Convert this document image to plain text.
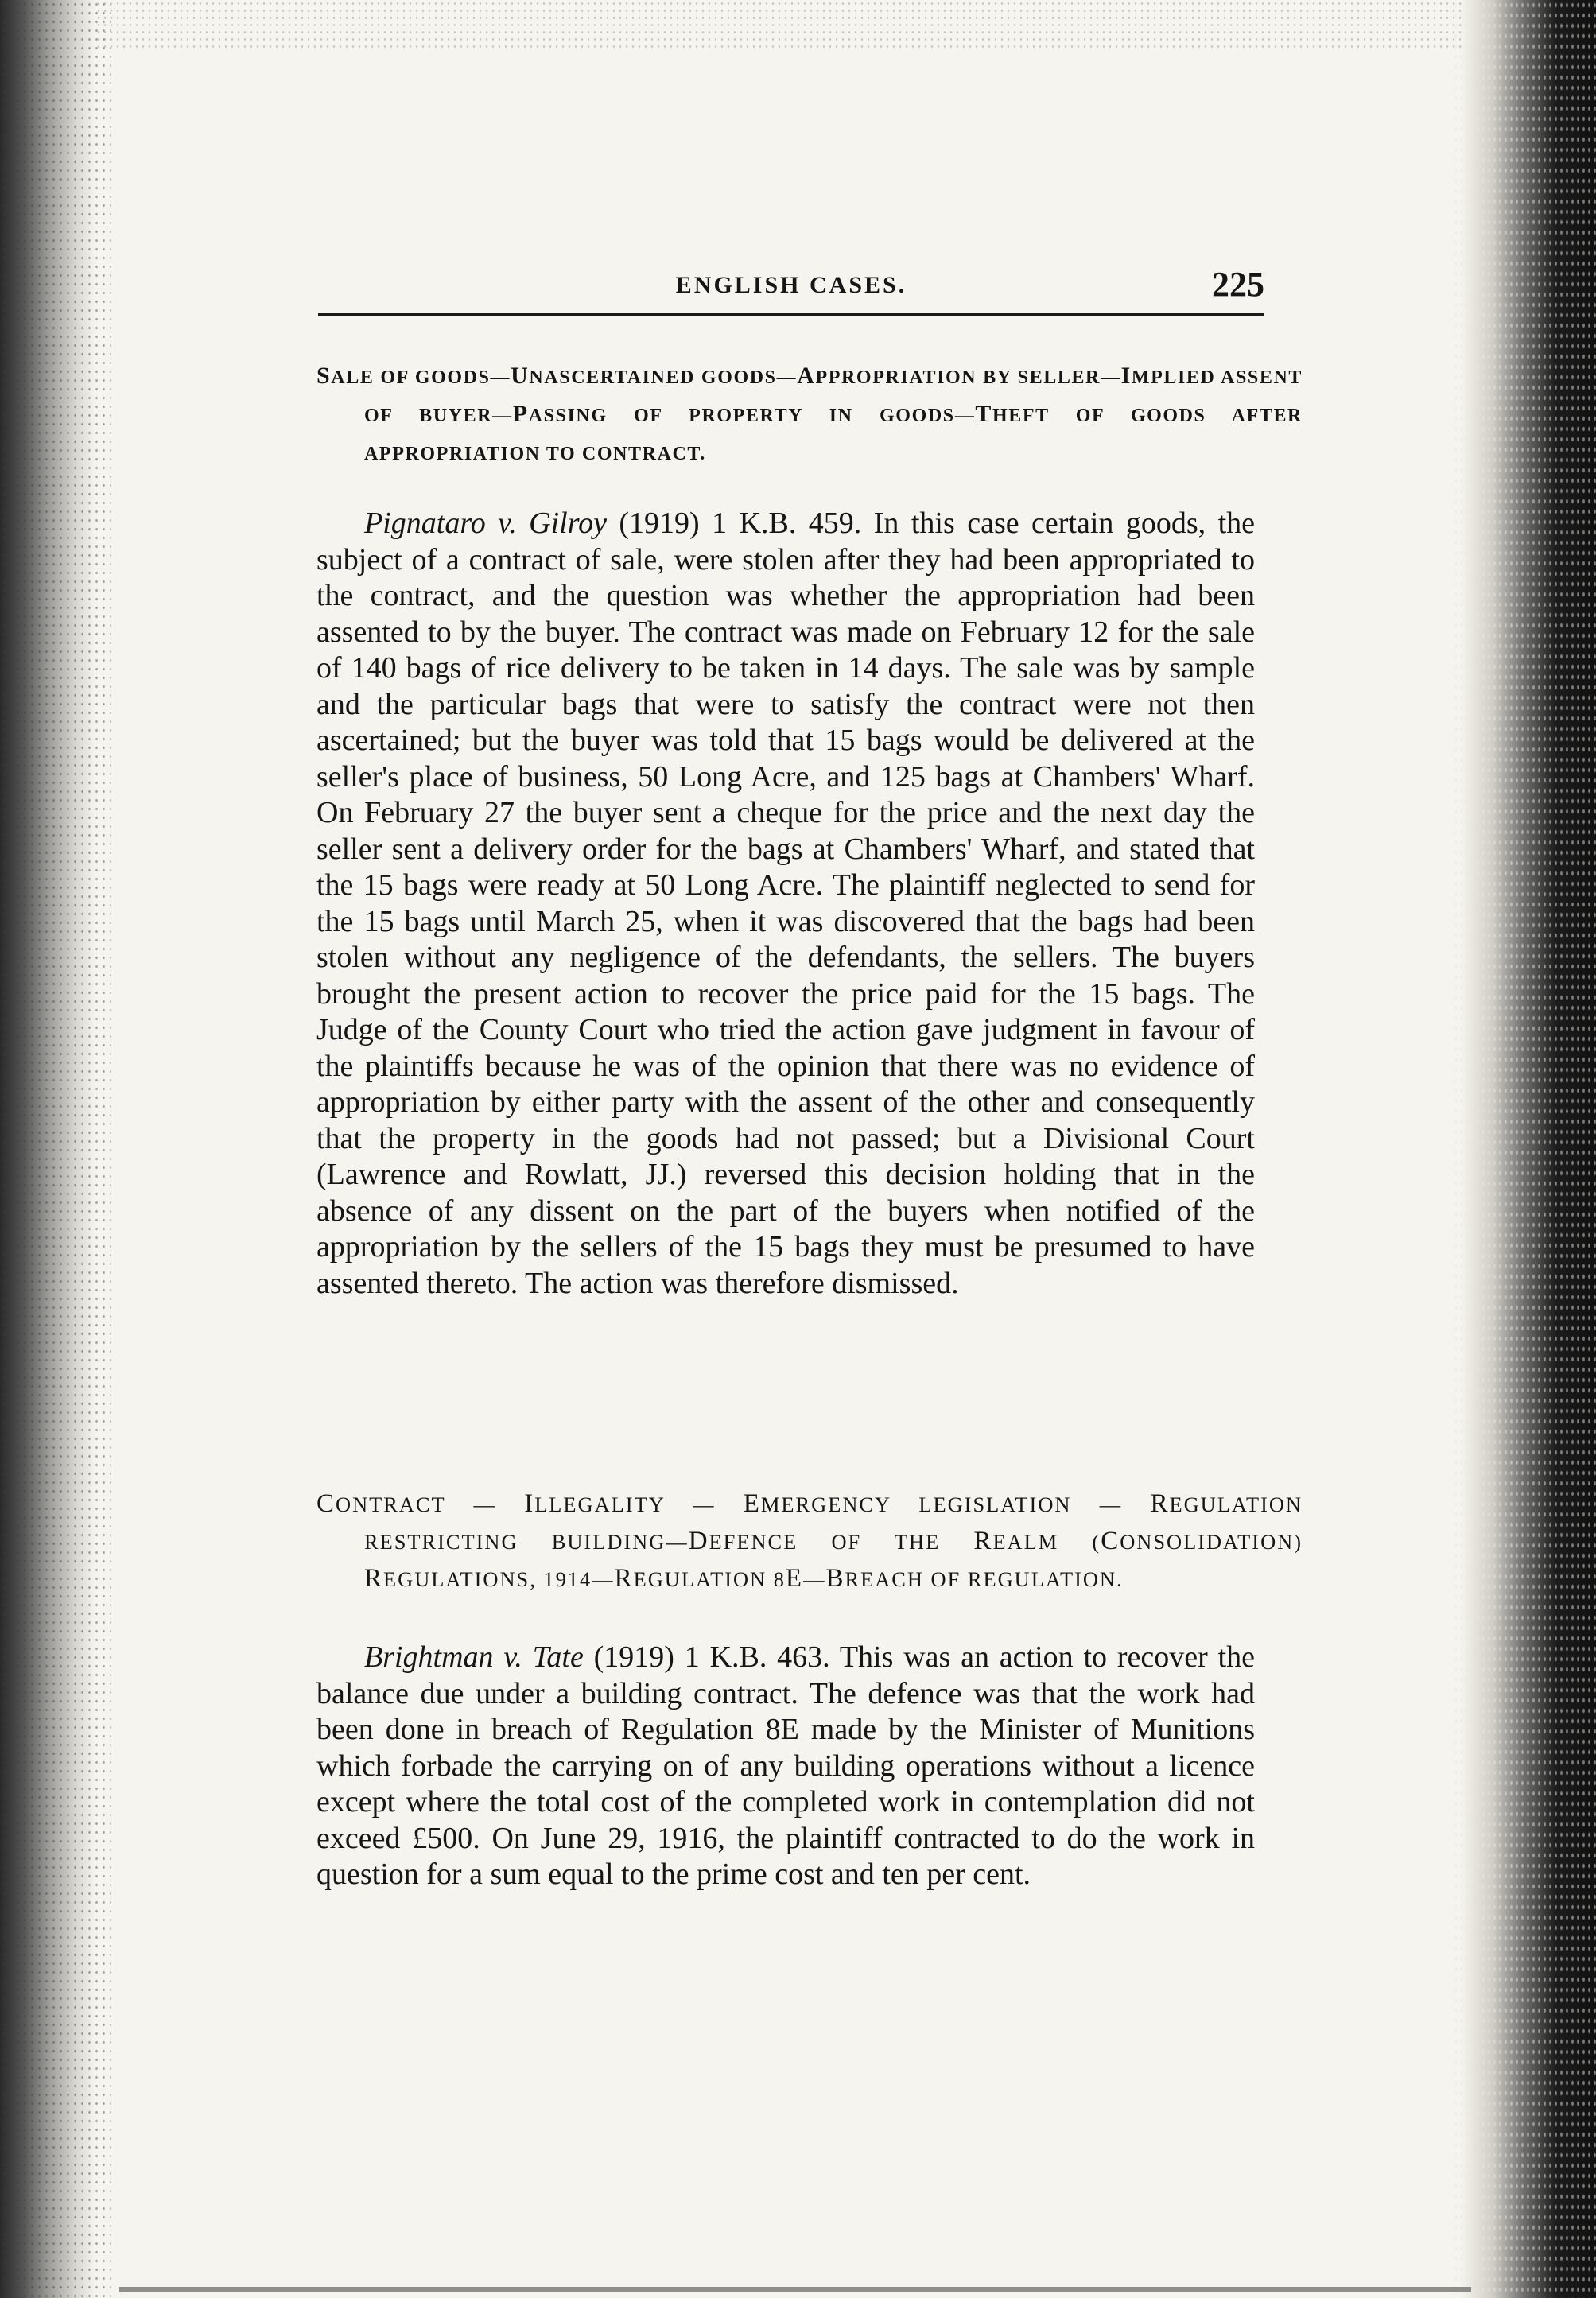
ENGLISH CASES.	225
SALE OF GOODS—UNASCERTAINED GOODS—APPROPRIATION BY SELLER—IMPLIED ASSENT OF BUYER—PASSING OF PROPERTY IN GOODS—THEFT OF GOODS AFTER APPROPRIATION TO CONTRACT.
Pignataro v. Gilroy (1919) 1 K.B. 459. In this case certain goods, the subject of a contract of sale, were stolen after they had been appropriated to the contract, and the question was whether the appropriation had been assented to by the buyer. The contract was made on February 12 for the sale of 140 bags of rice delivery to be taken in 14 days. The sale was by sample and the particular bags that were to satisfy the contract were not then ascertained; but the buyer was told that 15 bags would be delivered at the seller's place of business, 50 Long Acre, and 125 bags at Chambers' Wharf. On February 27 the buyer sent a cheque for the price and the next day the seller sent a delivery order for the bags at Chambers' Wharf, and stated that the 15 bags were ready at 50 Long Acre. The plaintiff neglected to send for the 15 bags until March 25, when it was discovered that the bags had been stolen without any negligence of the defendants, the sellers. The buyers brought the present action to recover the price paid for the 15 bags. The Judge of the County Court who tried the action gave judgment in favour of the plaintiffs because he was of the opinion that there was no evidence of appropriation by either party with the assent of the other and consequently that the property in the goods had not passed; but a Divisional Court (Lawrence and Rowlatt, JJ.) reversed this decision holding that in the absence of any dissent on the part of the buyers when notified of the appropriation by the sellers of the 15 bags they must be presumed to have assented thereto. The action was therefore dismissed.
CONTRACT — ILLEGALITY — EMERGENCY LEGISLATION — REGULATION RESTRICTING BUILDING—DEFENCE OF THE REALM (CONSOLIDATION) REGULATIONS, 1914—REGULATION 8E—BREACH OF REGULATION.
Brightman v. Tate (1919) 1 K.B. 463. This was an action to recover the balance due under a building contract. The defence was that the work had been done in breach of Regulation 8E made by the Minister of Munitions which forbade the carrying on of any building operations without a licence except where the total cost of the completed work in contemplation did not exceed £500. On June 29, 1916, the plaintiff contracted to do the work in question for a sum equal to the prime cost and ten per cent.
